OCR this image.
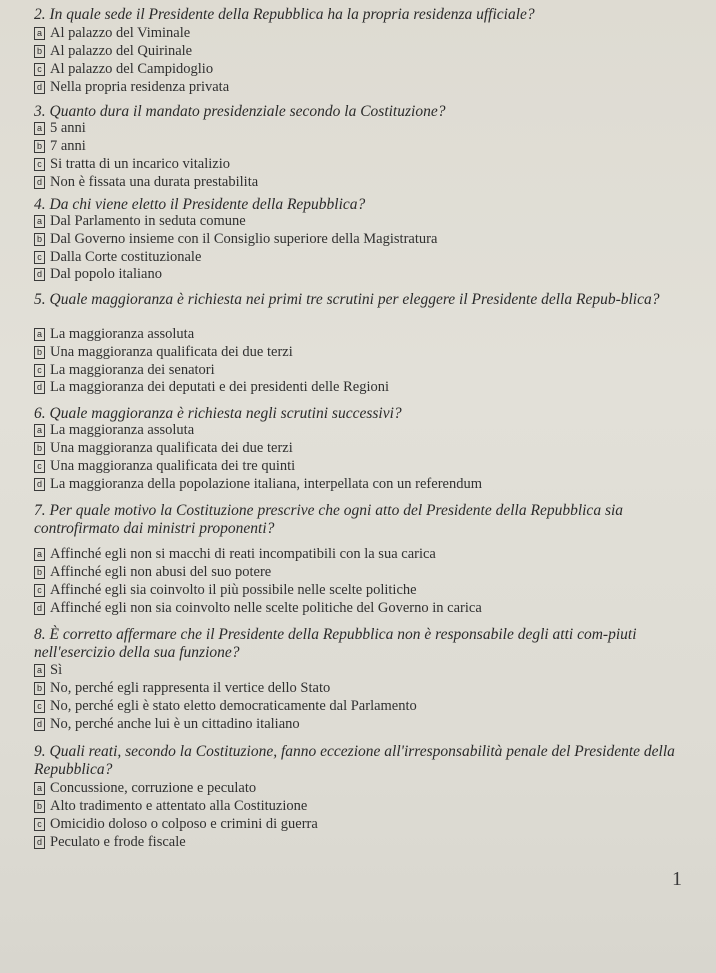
2. In quale sede il Presidente della Repubblica ha la propria residenza ufficiale?
a Al palazzo del Viminale
b Al palazzo del Quirinale
c Al palazzo del Campidoglio
d Nella propria residenza privata
3. Quanto dura il mandato presidenziale secondo la Costituzione?
a 5 anni
b 7 anni
c Si tratta di un incarico vitalizio
d Non è fissata una durata prestabilita
4. Da chi viene eletto il Presidente della Repubblica?
a Dal Parlamento in seduta comune
b Dal Governo insieme con il Consiglio superiore della Magistratura
c Dalla Corte costituzionale
d Dal popolo italiano
5. Quale maggioranza è richiesta nei primi tre scrutini per eleggere il Presidente della Repub-blica?
a La maggioranza assoluta
b Una maggioranza qualificata dei due terzi
c La maggioranza dei senatori
d La maggioranza dei deputati e dei presidenti delle Regioni
6. Quale maggioranza è richiesta negli scrutini successivi?
a La maggioranza assoluta
b Una maggioranza qualificata dei due terzi
c Una maggioranza qualificata dei tre quinti
d La maggioranza della popolazione italiana, interpellata con un referendum
7. Per quale motivo la Costituzione prescrive che ogni atto del Presidente della Repubblica sia controfirmato dai ministri proponenti?
a Affinché egli non si macchi di reati incompatibili con la sua carica
b Affinché egli non abusi del suo potere
c Affinché egli sia coinvolto il più possibile nelle scelte politiche
d Affinché egli non sia coinvolto nelle scelte politiche del Governo in carica
8. È corretto affermare che il Presidente della Repubblica non è responsabile degli atti com-piuti nell'esercizio della sua funzione?
a Sì
b No, perché egli rappresenta il vertice dello Stato
c No, perché egli è stato eletto democraticamente dal Parlamento
d No, perché anche lui è un cittadino italiano
9. Quali reati, secondo la Costituzione, fanno eccezione all'irresponsabilità penale del Presidente della Repubblica?
a Concussione, corruzione e peculato
b Alto tradimento e attentato alla Costituzione
c Omicidio doloso o colposo e crimini di guerra
d Peculato e frode fiscale
1
